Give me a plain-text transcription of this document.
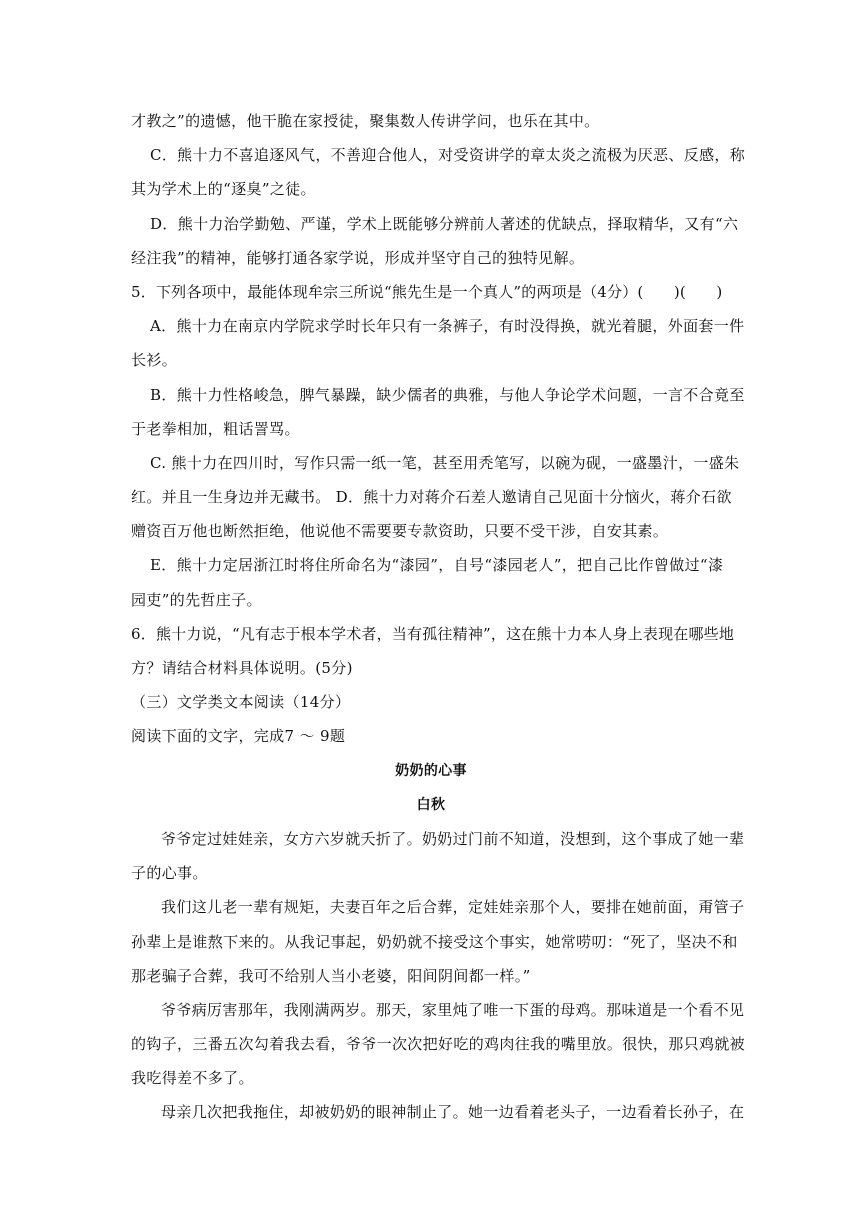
才教之”的遗憾，他干脆在家授徒，聚集数人传讲学问，也乐在其中。
C．熊十力不喜追逐风气，不善迎合他人，对受资讲学的章太炎之流极为厌恶、反感，称
其为学术上的“逐臭”之徒。
D．熊十力治学勤勉、严谨，学术上既能够分辨前人著述的优缺点，择取精华，又有“六
经注我”的精神，能够打通各家学说，形成并坚守自己的独特见解。
5．下列各项中，最能体现牟宗三所说“熊先生是一个真人”的两项是（4分）(　　)(　　)
A．熊十力在南京内学院求学时长年只有一条裤子，有时没得换，就光着腿，外面套一件
长衫。
B．熊十力性格峻急，脾气暴躁，缺少儒者的典雅，与他人争论学术问题，一言不合竟至
于老拳相加，粗话詈骂。
C. 熊十力在四川时，写作只需一纸一笔，甚至用秃笔写，以碗为砚，一盛墨汁，一盛朱
红。并且一生身边并无藏书。 D．熊十力对蒋介石差人邀请自己见面十分恼火，蒋介石欲
赠资百万他也断然拒绝，他说他不需要要专款资助，只要不受干涉，自安其素。
E．熊十力定居浙江时将住所命名为“漆园”，自号“漆园老人”，把自己比作曾做过“漆
园吏”的先哲庄子。
6．熊十力说，“凡有志于根本学术者，当有孤往精神”，这在熊十力本人身上表现在哪些地
方？请结合材料具体说明。(5分)
（三）文学类文本阅读（14分）
阅读下面的文字，完成7 ～ 9题
奶奶的心事
白秋
爷爷定过娃娃亲，女方六岁就夭折了。奶奶过门前不知道，没想到，这个事成了她一辈
子的心事。
我们这儿老一辈有规矩，夫妻百年之后合葬，定娃娃亲那个人，要排在她前面，甭管子
孙辈上是谁熬下来的。从我记事起，奶奶就不接受这个事实，她常唠叨：“死了，坚决不和
那老骗子合葬，我可不给别人当小老婆，阳间阴间都一样。”
爷爷病厉害那年，我刚满两岁。那天，家里炖了唯一下蛋的母鸡。那味道是一个看不见
的钩子，三番五次勾着我去看，爷爷一次次把好吃的鸡肉往我的嘴里放。很快，那只鸡就被
我吃得差不多了。
母亲几次把我拖住，却被奶奶的眼神制止了。她一边看着老头子，一边看着长孙子，在
